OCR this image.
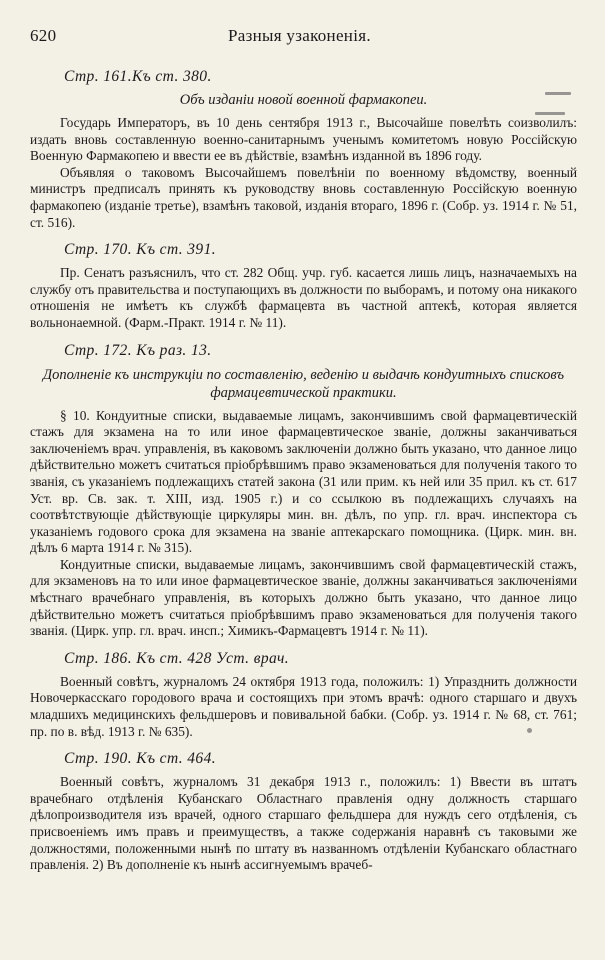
620	Разныя узаконенія.
Стр. 161.Къ ст. 380.
Объ изданіи новой военной фармакопеи.

Государь Императоръ, въ 10 день сентября 1913 г., Высочайше повелѣть соизволилъ: издать вновь составленную военно-санитарнымъ ученымъ комитетомъ новую Россійскую Военную Фармакопею и ввести ее въ дѣйствіе, взамѣнъ изданной въ 1896 году.

Объявляя о таковомъ Высочайшемъ повелѣніи по военному вѣдомству, военный министръ предписалъ принять къ руководству вновь составленную Россійскую военную фармакопею (изданіе третье), взамѣнъ таковой, изданія втораго, 1896 г. (Собр. уз. 1914 г. № 51, ст. 516).

Стр. 170. Къ ст. 391.

Пр. Сенатъ разъяснилъ, что ст. 282 Общ. учр. губ. касается лишь лицъ, назначаемыхъ на службу отъ правительства и поступающихъ въ должности по выборамъ, и потому она никакого отношенія не имѣетъ къ службѣ фармацевта въ частной аптекѣ, которая является вольнонаемной. (Фарм.-Практ. 1914 г. № 11).

Стр. 172. Къ раз. 13.
Дополненіе къ инструкціи по составленію, веденію и выдачѣ кондуитныхъ списковъ фармацевтической практики.

§ 10. Кондуитные списки, выдаваемые лицамъ, закончившимъ свой фармацевтическій стажъ для экзамена на то или иное фармацевтическое званіе, должны заканчиваться заключеніемъ врач. управленія, въ каковомъ заключеніи должно быть указано, что данное лицо дѣйствительно можетъ считаться пріобрѣвшимъ право экзаменоваться для полученія такого то званія, съ указаніемъ подлежащихъ статей закона (31 или прим. къ ней или 35 прил. къ ст. 617 Уст. вр. Св. зак. т. XIII, изд. 1905 г.) и со ссылкою въ подлежащихъ случаяхъ на соотвѣтствующіе дѣйствующіе циркуляры мин. вн. дѣлъ, по упр. гл. врач. инспектора съ указаніемъ годового срока для экзамена на званіе аптекарскаго помощника. (Цирк. мин. вн. дѣлъ 6 марта 1914 г. № 315).

Кондуитные списки, выдаваемые лицамъ, закончившимъ свой фармацевтическій стажъ, для экзаменовъ на то или иное фармацевтическое званіе, должны заканчиваться заключеніями мѣстнаго врачебнаго управленія, въ которыхъ должно быть указано, что данное лицо дѣйствительно можетъ считаться пріобрѣвшимъ право экзаменоваться для полученія такого званія. (Цирк. упр. гл. врач. инсп.; Химикъ-Фармацевтъ 1914 г. № 11).

Стр. 186. Къ ст. 428 Уст. врач.

Военный совѣтъ, журналомъ 24 октября 1913 года, положилъ: 1) Упразднить должности Новочеркасскаго городового врача и состоящихъ при этомъ врачѣ: одного старшаго и двухъ младшихъ медицинскихъ фельдшеровъ и повивальной бабки. (Собр. уз. 1914 г. № 68, ст. 761; пр. по в. вѣд. 1913 г. № 635).

Стр. 190. Къ ст. 464.

Военный совѣтъ, журналомъ 31 декабря 1913 г., положилъ: 1) Ввести въ штатъ врачебнаго отдѣленія Кубанскаго Областнаго правленія одну должность старшаго дѣлопроизводителя изъ врачей, одного старшаго фельдшера для нуждъ сего отдѣленія, съ присвоеніемъ имъ правъ и преимуществъ, а также содержанія наравнѣ съ таковыми же должностями, положенными нынѣ по штату въ названномъ отдѣленіи Кубанскаго областнаго правленія. 2) Въ дополненіе къ нынѣ ассигнуемымъ врачеб-
